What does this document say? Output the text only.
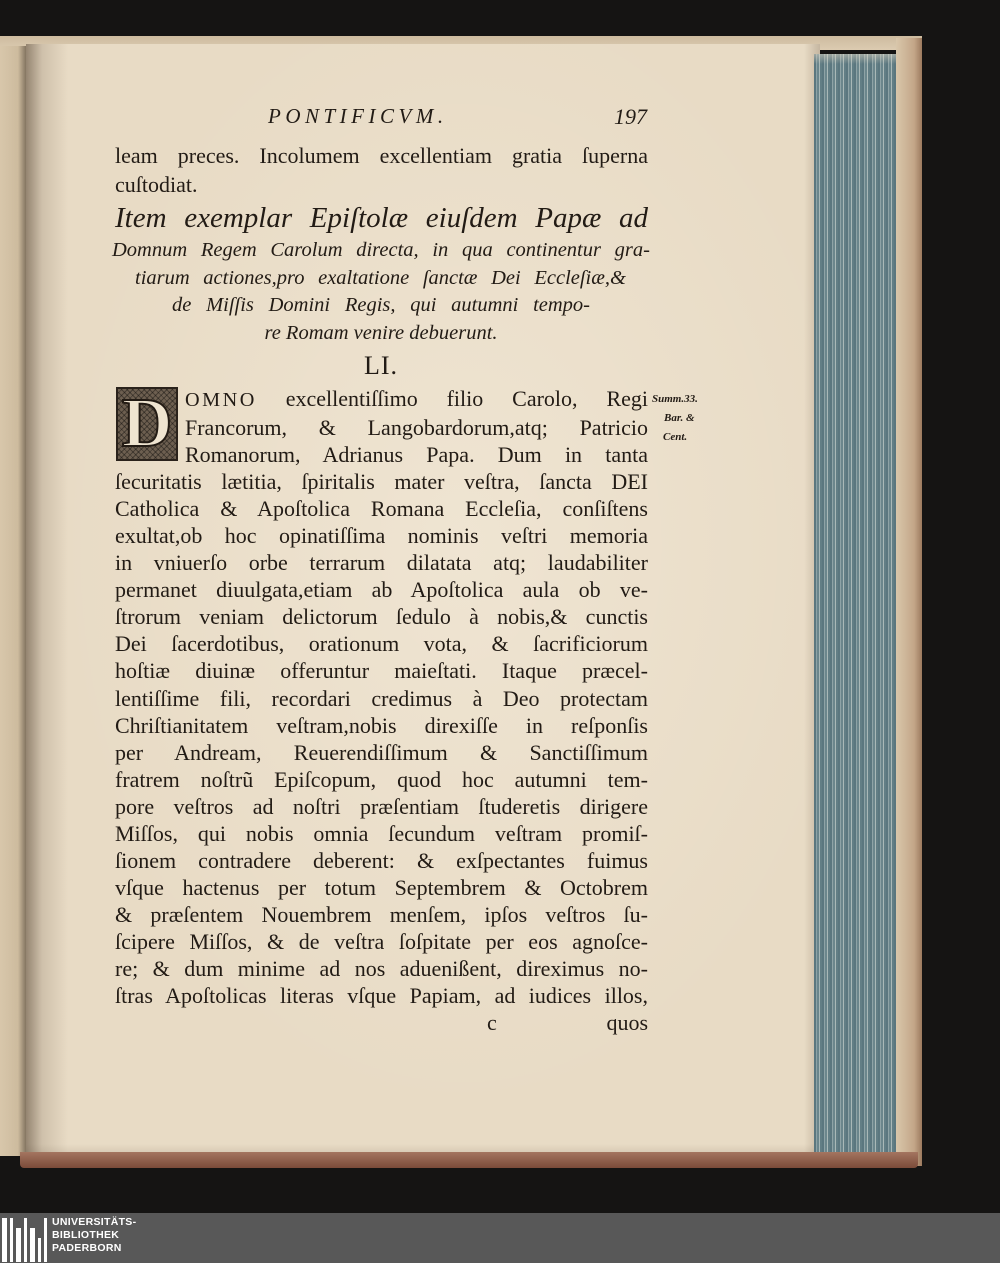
PONTIFICVM.	197
leam preces. Incolumem excellentiam gratia ſuperna
cuſtodiat.
Item exemplar Epiſtolæ eiuſdem Papæ ad
Domnum Regem Carolum directa, in qua continentur gra-
tiarum actiones,pro exaltatione ſanctæ Dei Eccleſiæ,&
de Miſſis Domini Regis, qui autumni tempo-
re Romam venire debuerunt.
LI.
D OMNO excellentiſſimo filio Carolo, Regi
Francorum, & Langobardorum,atq; Patricio
Romanorum, Adrianus Papa. Dum in tanta
ſecuritatis lætitia, ſpiritalis mater veſtra, ſancta DEI
Catholica & Apoſtolica Romana Eccleſia, conſiſtens
exultat,ob hoc opinatiſſima nominis veſtri memoria
in vniuerſo orbe terrarum dilatata atq; laudabiliter
permanet diuulgata,etiam ab Apoſtolica aula ob ve-
ſtrorum veniam delictorum ſedulo à nobis,& cunctis
Dei ſacerdotibus, orationum vota, & ſacrificiorum
hoſtiæ diuinæ offeruntur maieſtati. Itaque præcel-
lentiſſime fili, recordari credimus à Deo protectam
Chriſtianitatem veſtram,nobis direxiſſe in reſponſis
per Andream, Reuerendiſſimum & Sanctiſſimum
fratrem noſtrũ Epiſcopum, quod hoc autumni tem-
pore veſtros ad noſtri præſentiam ſtuderetis dirigere
Miſſos, qui nobis omnia ſecundum veſtram promiſ-
ſionem contradere deberent: & exſpectantes fuimus
vſque hactenus per totum Septembrem & Octobrem
& præſentem Nouembrem menſem, ipſos veſtros ſu-
ſcipere Miſſos, & de veſtra ſoſpitate per eos agnoſce-
re; & dum minime ad nos aduenißent, direximus no-
ſtras Apoſtolicas literas vſque Papiam, ad iudices illos,
c	quos
Summ.33.
Bar. &
Cent.
UNIVERSITÄTS-
BIBLIOTHEK
PADERBORN
